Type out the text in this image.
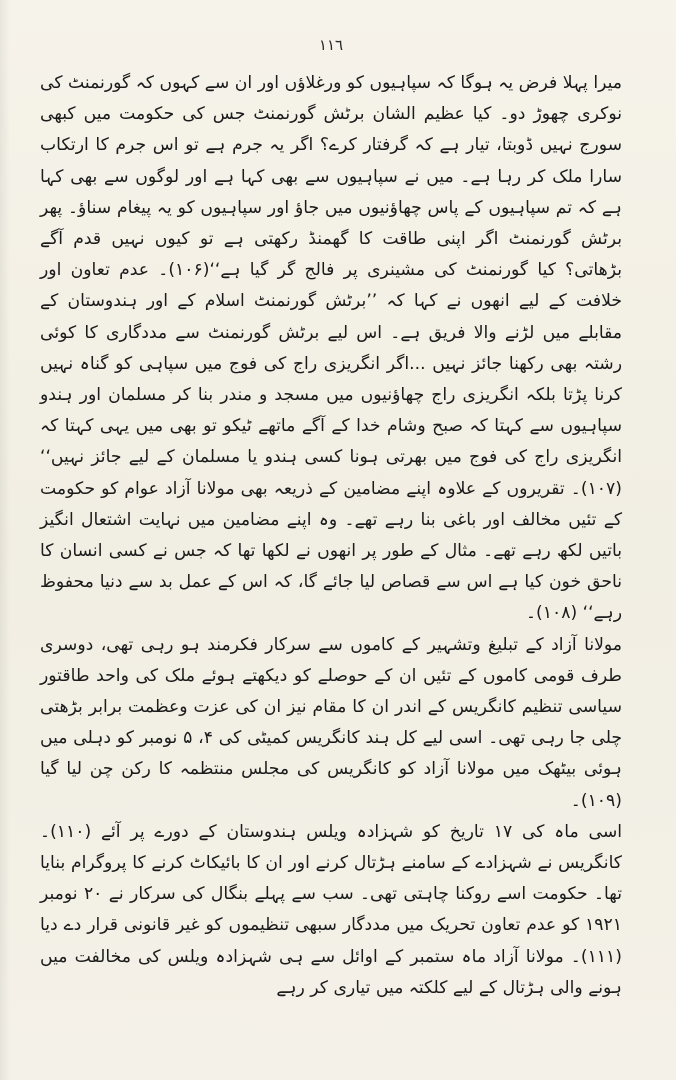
١١٦

میرا پہلا فرض یہ ہوگا کہ سپاہیوں کو ورغلاؤں اور ان سے کہوں کہ گورنمنٹ کی نوکری چھوڑ دو۔ کیا عظیم الشان برٹش گورنمنٹ جس کی حکومت میں کبھی سورج نہیں ڈوبتا، تیار ہے کہ گرفتار کرے؟ اگر یہ جرم ہے تو اس جرم کا ارتکاب سارا ملک کر رہا ہے۔ میں نے سپاہیوں سے بھی کہا ہے اور لوگوں سے بھی کہا ہے کہ تم سپاہیوں کے پاس چھاؤنیوں میں جاؤ اور سپاہیوں کو یہ پیغام سناؤ۔ پھر برٹش گورنمنٹ اگر اپنی طاقت کا گھمنڈ رکھتی ہے تو کیوں نہیں قدم آگے بڑھاتی؟ کیا گورنمنٹ کی مشینری پر فالج گر گیا ہے‘‘(۱۰۶)۔ عدم تعاون اور خلافت کے لیے انھوں نے کہا کہ ’’برٹش گورنمنٹ اسلام کے اور ہندوستان کے مقابلے میں لڑنے والا فریق ہے۔ اس لیے برٹش گورنمنٹ سے مددگاری کا کوئی رشتہ بھی رکھنا جائز نہیں ...اگر انگریزی راج کی فوج میں سپاہی کو گناہ نہیں کرنا پڑتا بلکہ انگریزی راج چھاؤنیوں میں مسجد و مندر بنا کر مسلمان اور ہندو سپاہیوں سے کہتا کہ صبح وشام خدا کے آگے ماتھے ٹیکو تو بھی میں یہی کہتا کہ انگریزی راج کی فوج میں بھرتی ہونا کسی ہندو یا مسلمان کے لیے جائز نہیں‘‘ (۱۰۷)۔ تقریروں کے علاوہ اپنے مضامین کے ذریعہ بھی مولانا آزاد عوام کو حکومت کے تئیں مخالف اور باغی بنا رہے تھے۔ وہ اپنے مضامین میں نہایت اشتعال انگیز باتیں لکھ رہے تھے۔ مثال کے طور پر انھوں نے لکھا تھا کہ جس نے کسی انسان کا ناحق خون کیا ہے اس سے قصاص لیا جائے گا، کہ اس کے عمل بد سے دنیا محفوظ رہے‘‘ (۱۰۸)۔

مولانا آزاد کے تبلیغ وتشہیر کے کاموں سے سرکار فکرمند ہو رہی تھی، دوسری طرف قومی کاموں کے تئیں ان کے حوصلے کو دیکھتے ہوئے ملک کی واحد طاقتور سیاسی تنظیم کانگریس کے اندر ان کا مقام نیز ان کی عزت وعظمت برابر بڑھتی چلی جا رہی تھی۔ اسی لیے کل ہند کانگریس کمیٹی کی ۴، ۵ نومبر کو دہلی میں ہوئی بیٹھک میں مولانا آزاد کو کانگریس کی مجلس منتظمہ کا رکن چن لیا گیا (۱۰۹)۔

اسی ماہ کی ۱۷ تاریخ کو شہزادہ ویلس ہندوستان کے دورے پر آئے (۱۱۰)۔ کانگریس نے شہزادے کے سامنے ہڑتال کرنے اور ان کا بائیکاٹ کرنے کا پروگرام بنایا تھا۔ حکومت اسے روکنا چاہتی تھی۔ سب سے پہلے بنگال کی سرکار نے ۲۰ نومبر ۱۹۲۱ کو عدم تعاون تحریک میں مددگار سبھی تنظیموں کو غیر قانونی قرار دے دیا (۱۱۱)۔ مولانا آزاد ماہ ستمبر کے اوائل سے ہی شہزادہ ویلس کی مخالفت میں ہونے والی ہڑتال کے لیے کلکتہ میں تیاری کر رہے
